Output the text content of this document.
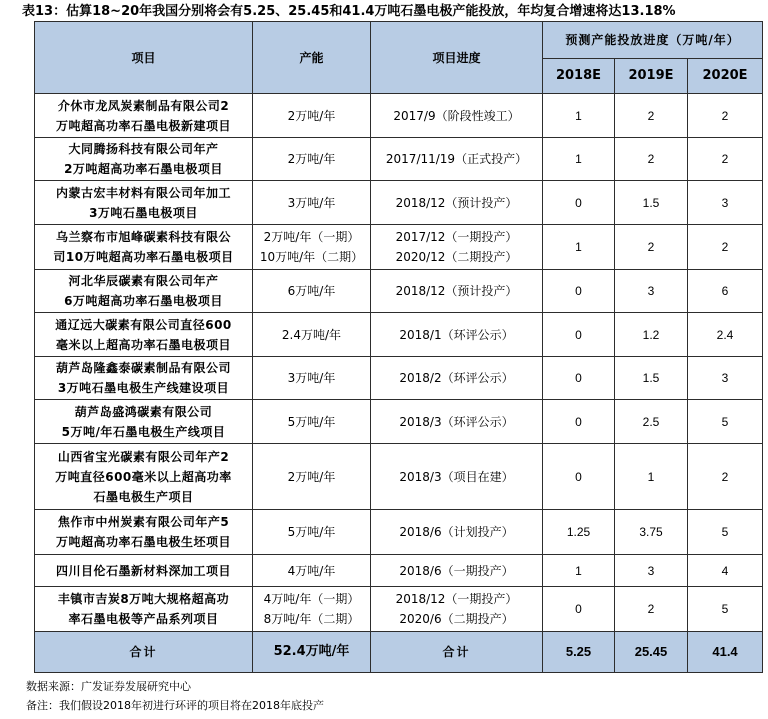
表13：估算18~20年我国分别将会有5.25、25.45和41.4万吨石墨电极产能投放，年均复合增速将达13.18%
项目	产能	项目进度	预测产能投放进度（万吨/年）		
			2018E	2019E	2020E

介休市龙凤炭素制品有限公司2
万吨超高功率石墨电极新建项目	2万吨/年	2017/9（阶段性竣工）	1	2	2

大同腾扬科技有限公司年产
2万吨超高功率石墨电极项目	2万吨/年	2017/11/19（正式投产）	1	2	2

内蒙古宏丰材料有限公司年加工
3万吨石墨电极项目	3万吨/年	2018/12（预计投产）	0	1.5	3

乌兰察布市旭峰碳素科技有限公
司10万吨超高功率石墨电极项目	2万吨/年（一期）
10万吨/年（二期）	2017/12（一期投产）
2020/12（二期投产）	1	2	2

河北华辰碳素有限公司年产
6万吨超高功率石墨电极项目	6万吨/年	2018/12（预计投产）	0	3	6

通辽远大碳素有限公司直径600
毫米以上超高功率石墨电极项目	2.4万吨/年	2018/1（环评公示）	0	1.2	2.4

葫芦岛隆鑫泰碳素制品有限公司
3万吨石墨电极生产线建设项目	3万吨/年	2018/2（环评公示）	0	1.5	3

葫芦岛盛鸿碳素有限公司
5万吨/年石墨电极生产线项目	5万吨/年	2018/3（环评公示）	0	2.5	5

山西省宝光碳素有限公司年产2
万吨直径600毫米以上超高功率
石墨电极生产项目	2万吨/年	2018/3（项目在建）	0	1	2

焦作市中州炭素有限公司年产5
万吨超高功率石墨电极生坯项目	5万吨/年	2018/6（计划投产）	1.25	3.75	5

四川目伦石墨新材料深加工项目	4万吨/年	2018/6（一期投产）	1	3	4

丰镇市吉炭8万吨大规格超高功
率石墨电极等产品系列项目	4万吨/年（一期）
8万吨/年（二期）	2018/12（一期投产）
2020/6（二期投产）	0	2	5
合计	52.4万吨/年	合计	5.25	25.45	41.4
数据来源：广发证券发展研究中心
备注：我们假设2018年初进行环评的项目将在2018年底投产
